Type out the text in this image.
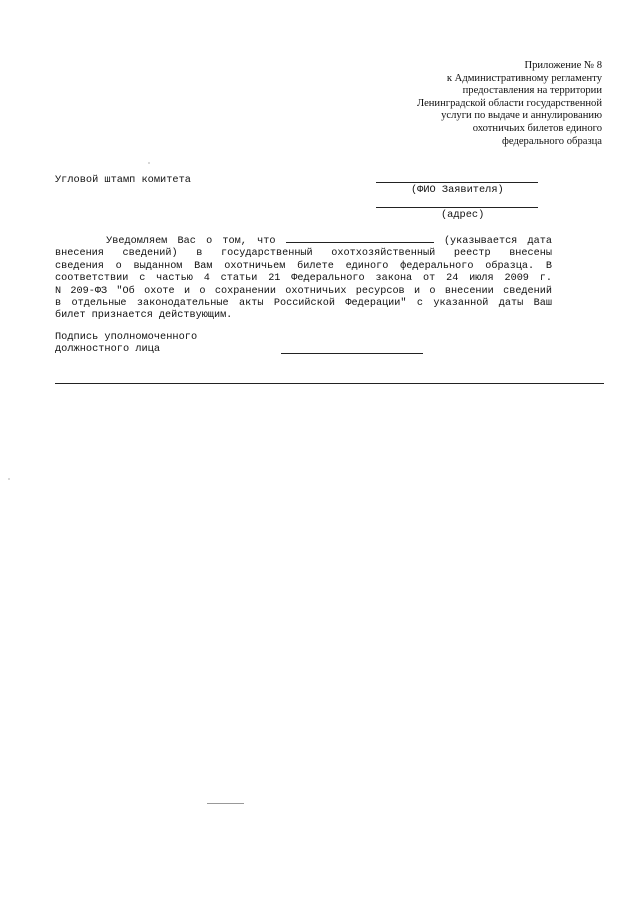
Приложение № 8
к Административному регламенту
предоставления на территории
Ленинградской области государственной
услуги по выдаче и аннулированию
охотничьих билетов единого
федерального образца
Угловой штамп комитета
(ФИО Заявителя)
(адрес)
Уведомляем Вас о том, что	(указывается дата
внесения сведений) в государственный охотхозяйственный реестр внесены
сведения о выданном Вам охотничьем билете единого федерального образца. В
соответствии с частью 4 статьи 21 Федерального закона от 24 июля 2009 г.
N 209-ФЗ "Об охоте и о сохранении охотничьих ресурсов и о внесении сведений
в отдельные законодательные акты Российской Федерации" с указанной даты Ваш
билет признается действующим.
Подпись уполномоченного
должностного лица
